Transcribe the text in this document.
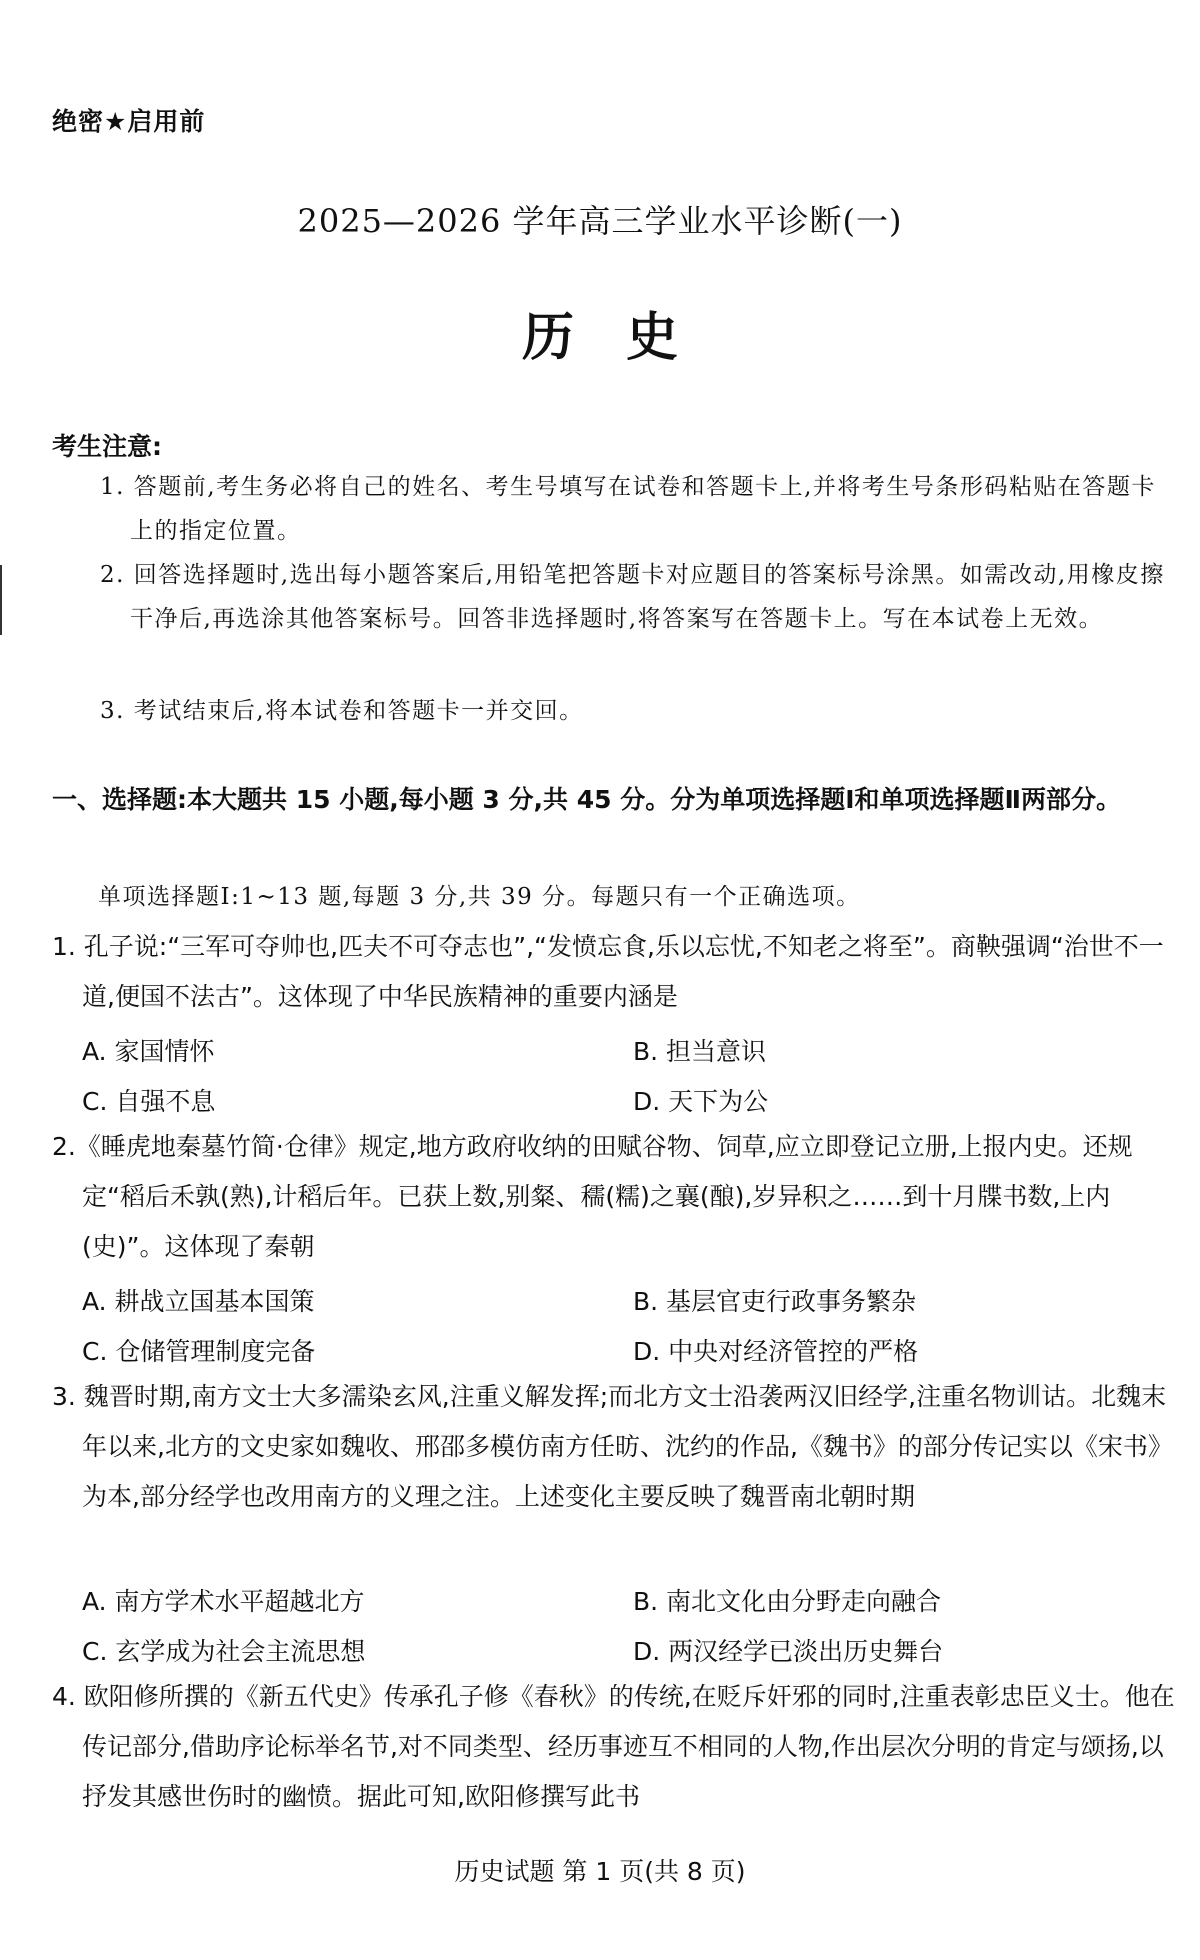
绝密★启用前
2025—2026 学年高三学业水平诊断(一)
历史
考生注意:
1. 答题前,考生务必将自己的姓名、考生号填写在试卷和答题卡上,并将考生号条形码粘贴在答题卡上的指定位置。
2. 回答选择题时,选出每小题答案后,用铅笔把答题卡对应题目的答案标号涂黑。如需改动,用橡皮擦干净后,再选涂其他答案标号。回答非选择题时,将答案写在答题卡上。写在本试卷上无效。
3. 考试结束后,将本试卷和答题卡一并交回。
一、选择题:本大题共 15 小题,每小题 3 分,共 45 分。分为单项选择题Ⅰ和单项选择题Ⅱ两部分。
单项选择题Ⅰ:1~13 题,每题 3 分,共 39 分。每题只有一个正确选项。
1. 孔子说:“三军可夺帅也,匹夫不可夺志也”,“发愤忘食,乐以忘忧,不知老之将至”。商鞅强调“治世不一道,便国不法古”。这体现了中华民族精神的重要内涵是
A. 家国情怀	B. 担当意识
C. 自强不息	D. 天下为公
2.《睡虎地秦墓竹简·仓律》规定,地方政府收纳的田赋谷物、饲草,应立即登记立册,上报内史。还规定“稻后禾孰(熟),计稻后年。已获上数,别粲、穤(糯)之襄(酿),岁异积之……到十月牒书数,上内(史)”。这体现了秦朝
A. 耕战立国基本国策	B. 基层官吏行政事务繁杂
C. 仓储管理制度完备	D. 中央对经济管控的严格
3. 魏晋时期,南方文士大多濡染玄风,注重义解发挥;而北方文士沿袭两汉旧经学,注重名物训诂。北魏末年以来,北方的文史家如魏收、邢邵多模仿南方任昉、沈约的作品,《魏书》的部分传记实以《宋书》为本,部分经学也改用南方的义理之注。上述变化主要反映了魏晋南北朝时期
A. 南方学术水平超越北方	B. 南北文化由分野走向融合
C. 玄学成为社会主流思想	D. 两汉经学已淡出历史舞台
4. 欧阳修所撰的《新五代史》传承孔子修《春秋》的传统,在贬斥奸邪的同时,注重表彰忠臣义士。他在传记部分,借助序论标举名节,对不同类型、经历事迹互不相同的人物,作出层次分明的肯定与颂扬,以抒发其感世伤时的幽愤。据此可知,欧阳修撰写此书
历史试题 第 1 页(共 8 页)
